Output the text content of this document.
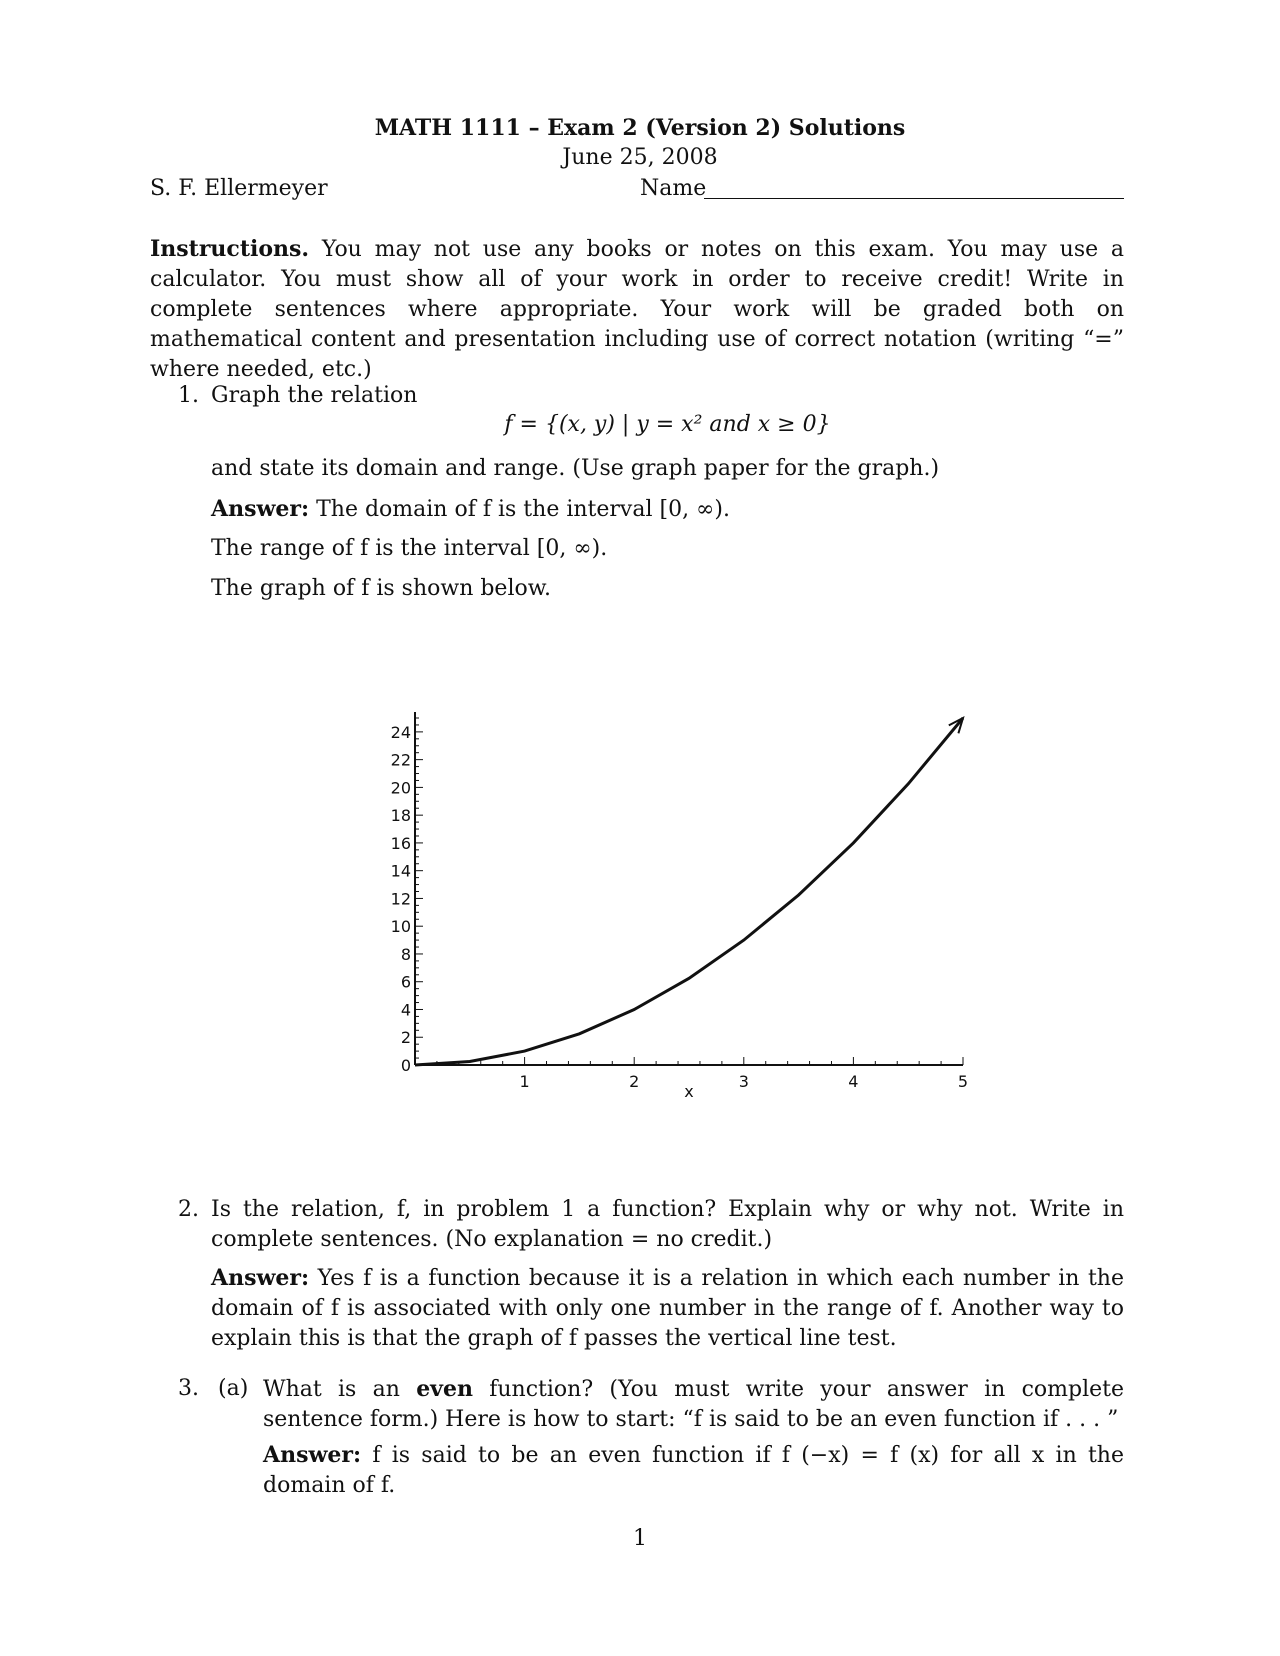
MATH 1111 – Exam 2 (Version 2) Solutions
June 25, 2008
S. F. Ellermeyer	Name
Instructions. You may not use any books or notes on this exam. You may use a calculator. You must show all of your work in order to receive credit! Write in complete sentences where appropriate. Your work will be graded both on mathematical content and presentation including use of correct notation (writing “=” where needed, etc.)
1. Graph the relation
f = {(x, y) | y = x² and x ≥ 0}
and state its domain and range. (Use graph paper for the graph.)
Answer: The domain of f is the interval [0, ∞).
The range of f is the interval [0, ∞).
The graph of f is shown below.
1	2	3	4	5
0
2
4
6
8
10
12
14
16
18
20
22
24
x
2. Is the relation, f, in problem 1 a function? Explain why or why not. Write in complete sentences. (No explanation = no credit.)
Answer: Yes f is a function because it is a relation in which each number in the domain of f is associated with only one number in the range of f. Another way to explain this is that the graph of f passes the vertical line test.
3. (a) What is an even function? (You must write your answer in complete sentence form.) Here is how to start: “f is said to be an even function if . . . ”
Answer: f is said to be an even function if f (−x) = f (x) for all x in the domain of f.
1
